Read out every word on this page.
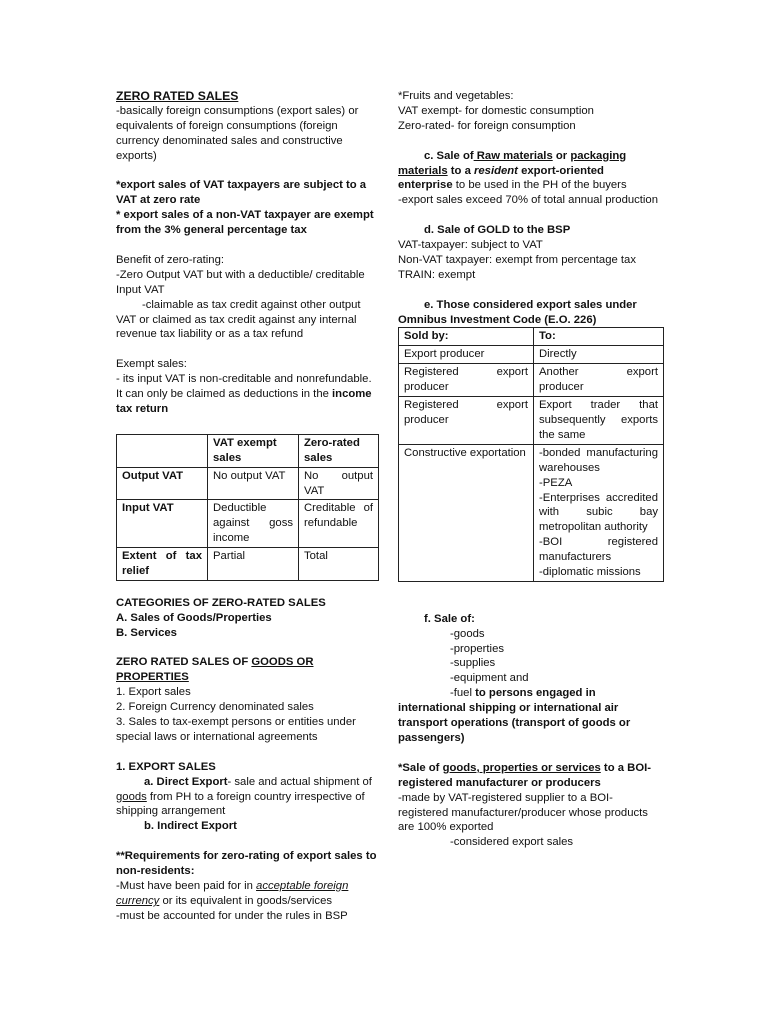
ZERO RATED SALES

-basically foreign consumptions (export sales) or equivalents of foreign consumptions (foreign currency denominated sales and constructive exports)

*export sales of VAT taxpayers are subject to a VAT at zero rate

* export sales of a non-VAT taxpayer are exempt from the 3% general percentage tax

Benefit of zero-rating:

-Zero Output VAT but with a deductible/ creditable Input VAT

-claimable as tax credit against other output VAT or claimed as tax credit against any internal revenue tax liability or as a tax refund

Exempt sales:

- its input VAT is non-creditable and nonrefundable. It can only be claimed as deductions in the income tax return

	VAT exempt sales	Zero-rated sales
Output VAT	No output VAT	No output VAT
Input VAT	Deductible against goss income	Creditable of refundable
Extent of tax relief	Partial	Total

CATEGORIES OF ZERO-RATED SALES

A. Sales of Goods/Properties

B. Services

ZERO RATED SALES OF GOODS OR PROPERTIES

1. Export sales

2. Foreign Currency denominated sales

3. Sales to tax-exempt persons or entities under special laws or international agreements

1. EXPORT SALES

a. Direct Export- sale and actual shipment of goods from PH to a foreign country irrespective of shipping arrangement

b. Indirect Export

**Requirements for zero-rating of export sales to non-residents:

-Must have been paid for in acceptable foreign currency or its equivalent in goods/services

-must be accounted for under the rules in BSP

*Fruits and vegetables:

VAT exempt- for domestic consumption

Zero-rated- for foreign consumption

c. Sale of Raw materials or packaging materials to a resident export-oriented enterprise to be used in the PH of the buyers

-export sales exceed 70% of total annual production

d. Sale of GOLD to the BSP

VAT-taxpayer: subject to VAT

Non-VAT taxpayer: exempt from percentage tax

TRAIN: exempt

e. Those considered export sales under Omnibus Investment Code (E.O. 226)

Sold by:	To:
Export producer	Directly
Registered export producer	Another export producer
Registered export producer	Export trader that subsequently exports the same
Constructive exportation	-bonded manufacturing warehouses
-PEZA
-Enterprises accredited with subic bay metropolitan authority
-BOI registered manufacturers
-diplomatic missions

f. Sale of:

-goods

-properties

-supplies

-equipment and

-fuel to persons engaged in international shipping or international air transport operations (transport of goods or passengers)

*Sale of goods, properties or services to a BOI-registered manufacturer or producers

-made by VAT-registered supplier to a BOI-registered manufacturer/producer whose products are 100% exported

-considered export sales
